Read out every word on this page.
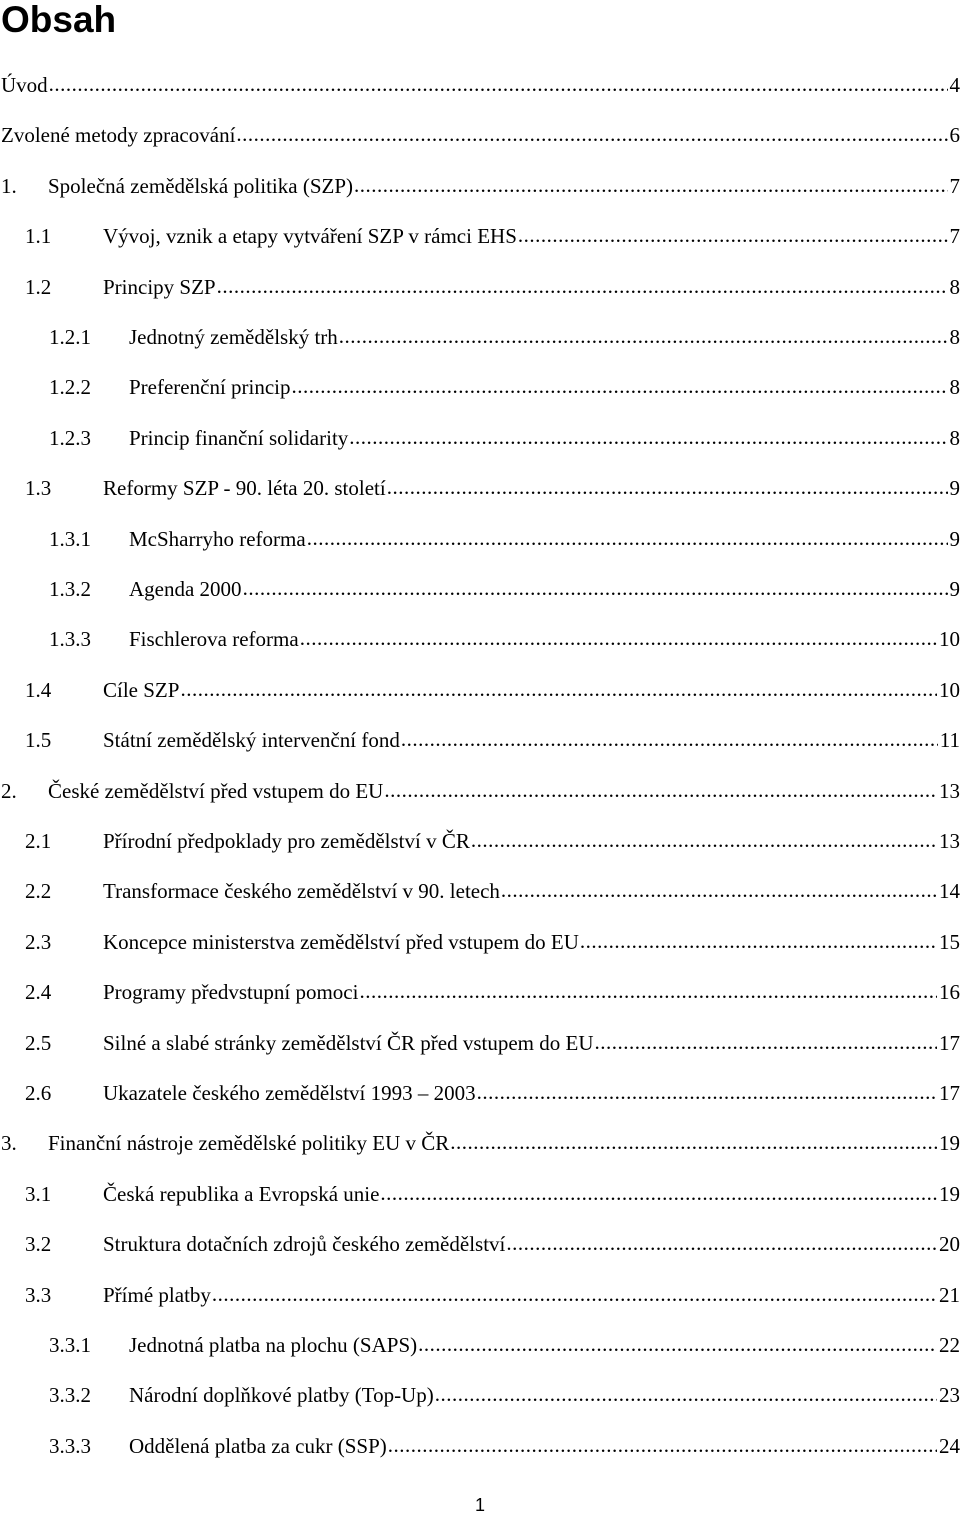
Obsah
Úvod .....	4
Zvolené metody zpracování .....	6
1.	Společná zemědělská politika (SZP) .....	7
1.1	Vývoj, vznik a etapy vytváření SZP v rámci EHS .....	7
1.2	Principy SZP .....	8
1.2.1	Jednotný zemědělský trh .....	8
1.2.2	Preferenční princip .....	8
1.2.3	Princip finanční solidarity .....	8
1.3	Reformy SZP - 90. léta 20. století .....	9
1.3.1	McSharryho reforma .....	9
1.3.2	Agenda 2000 .....	9
1.3.3	Fischlerova reforma .....	10
1.4	Cíle SZP .....	10
1.5	Státní zemědělský intervenční fond .....	11
2.	České zemědělství před vstupem do EU .....	13
2.1	Přírodní předpoklady pro zemědělství v ČR .....	13
2.2	Transformace českého zemědělství v 90. letech .....	14
2.3	Koncepce ministerstva zemědělství před vstupem do EU .....	15
2.4	Programy předvstupní pomoci .....	16
2.5	Silné a slabé stránky zemědělství ČR před vstupem do EU .....	17
2.6	Ukazatele českého zemědělství 1993 – 2003 .....	17
3.	Finanční nástroje zemědělské politiky EU v ČR .....	19
3.1	Česká republika a Evropská unie .....	19
3.2	Struktura dotačních zdrojů českého zemědělství .....	20
3.3	Přímé platby .....	21
3.3.1	Jednotná platba na plochu (SAPS) .....	22
3.3.2	Národní doplňkové platby (Top-Up) .....	23
3.3.3	Oddělená platba za cukr (SSP) .....	24
1
